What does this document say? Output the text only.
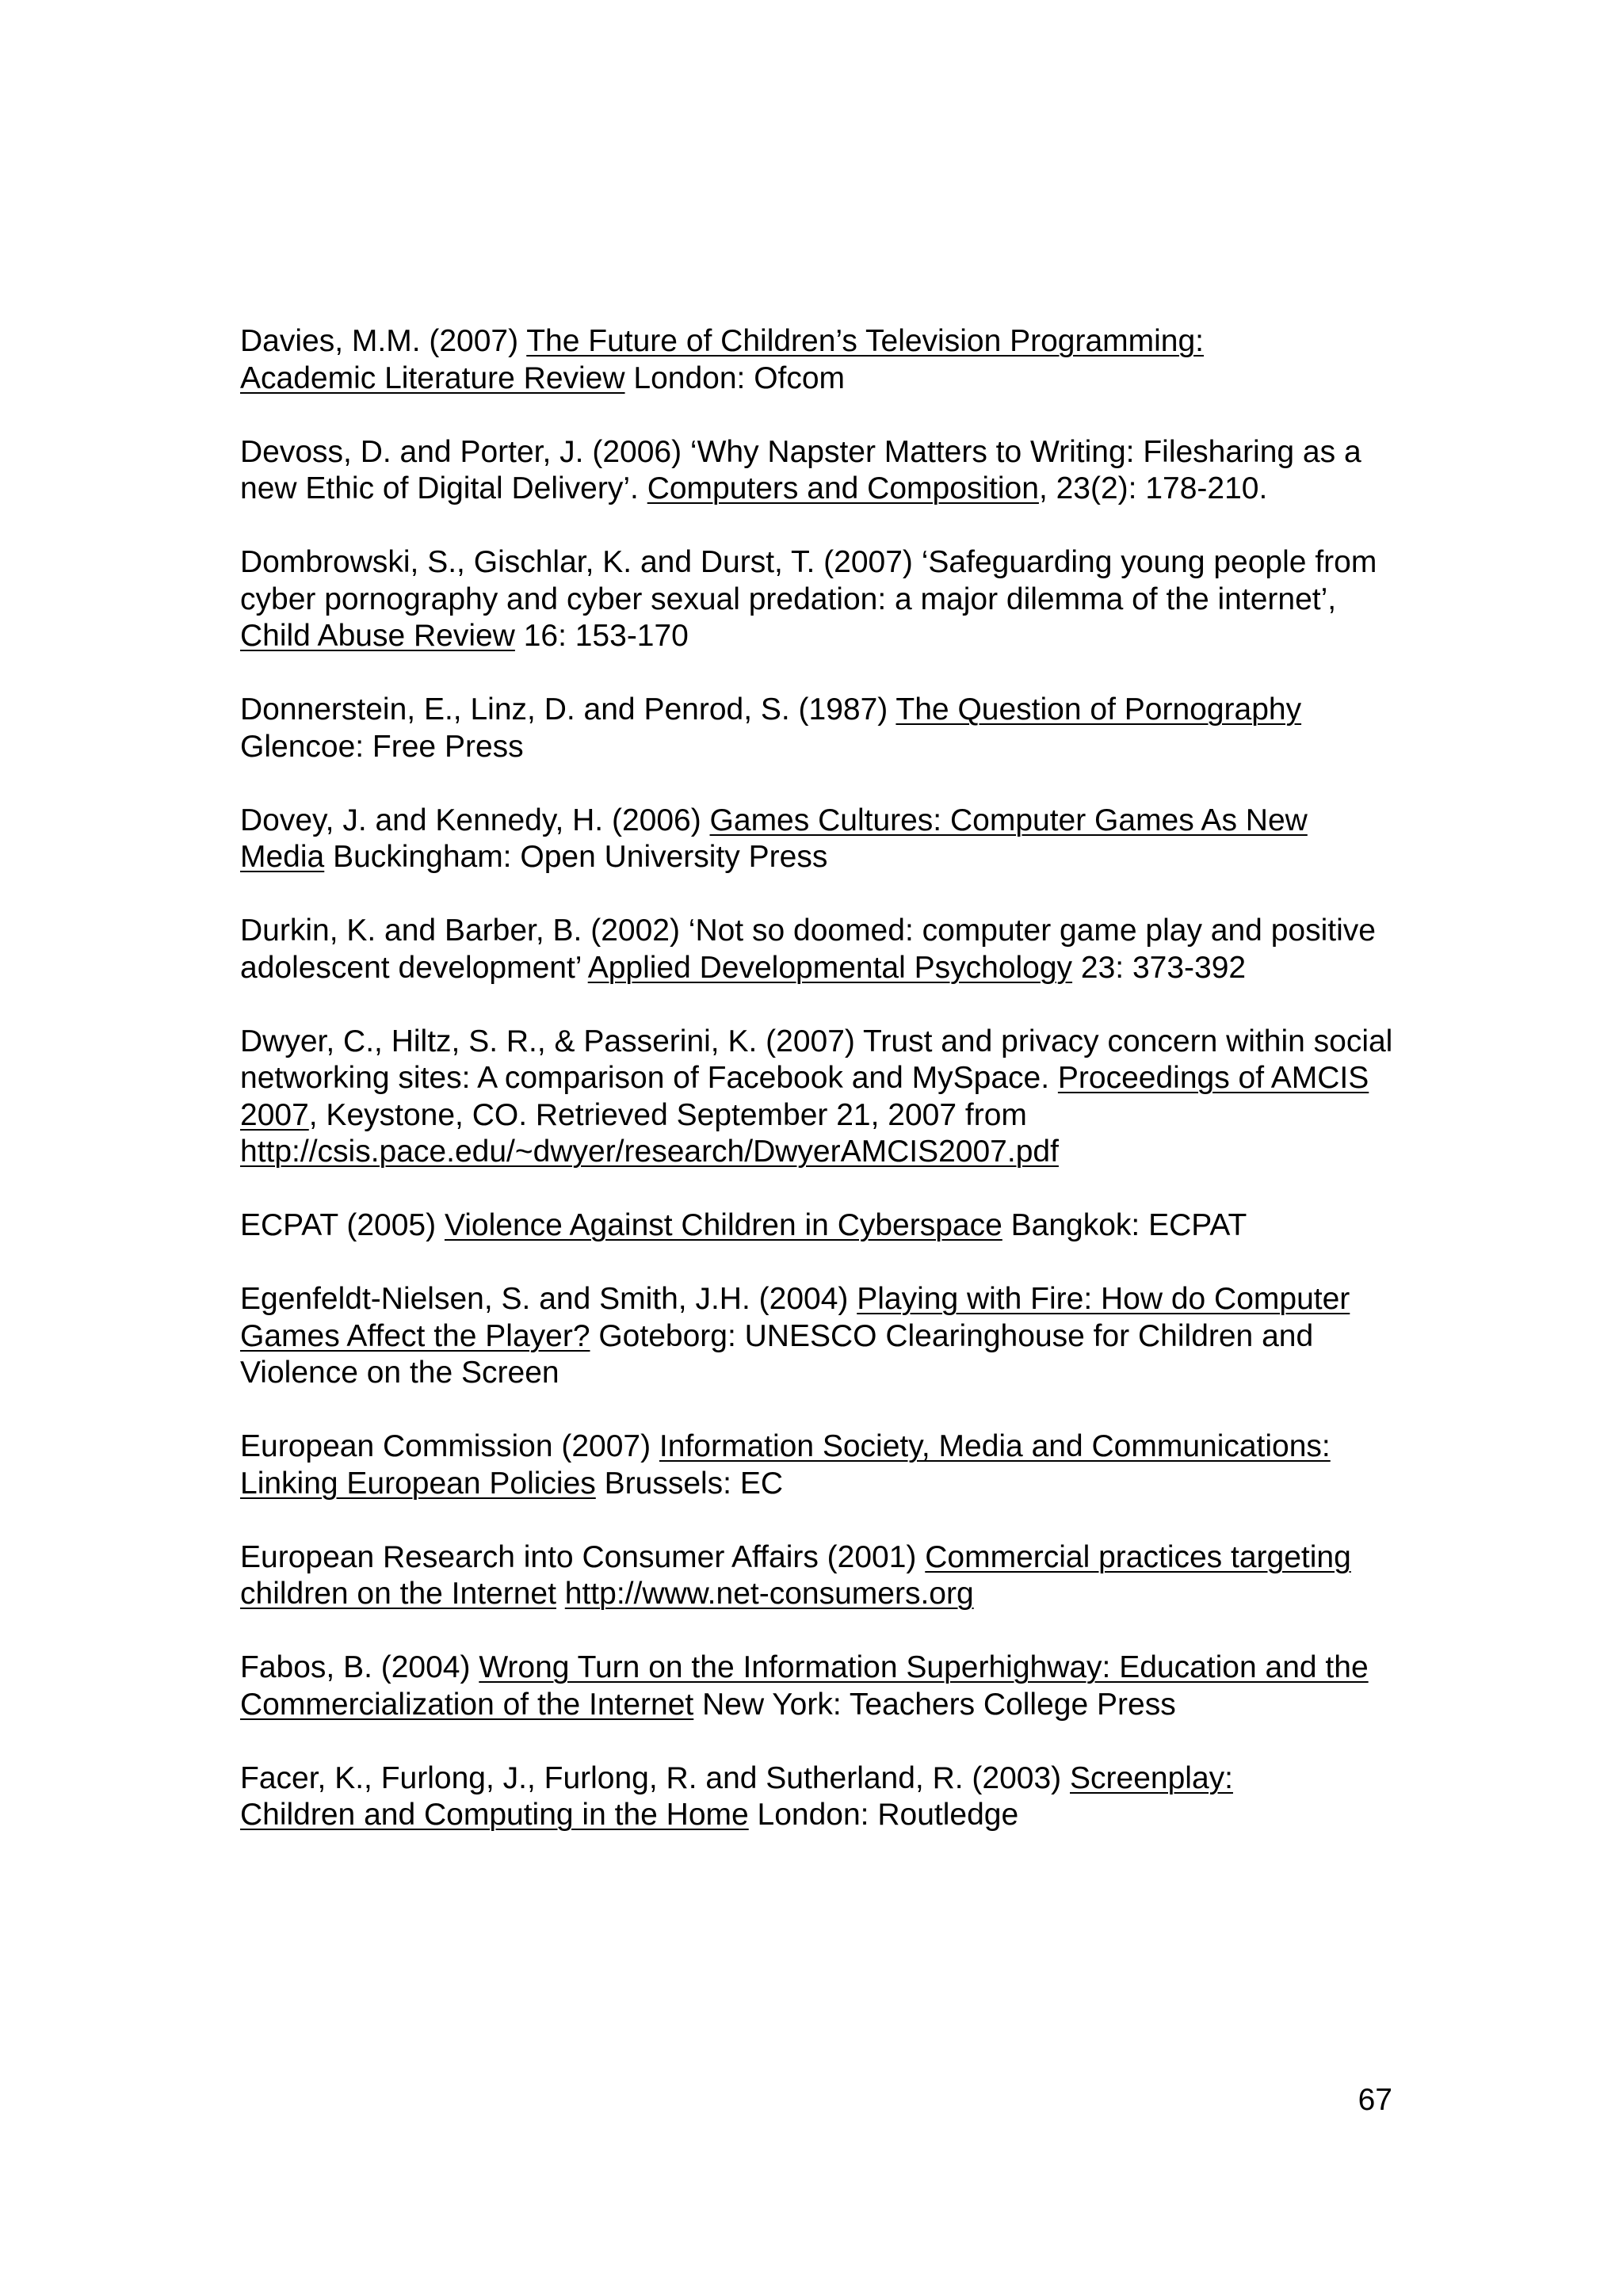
Davies, M.M. (2007) The Future of Children’s Television Programming:
Academic Literature Review London: Ofcom

Devoss, D. and Porter, J. (2006) ‘Why Napster Matters to Writing: Filesharing as a new Ethic of Digital Delivery’. Computers and Composition, 23(2): 178-210.

Dombrowski, S., Gischlar, K. and Durst, T. (2007) ‘Safeguarding young people from cyber pornography and cyber sexual predation: a major dilemma of the internet’, Child Abuse Review 16: 153-170

Donnerstein, E., Linz, D. and Penrod, S. (1987) The Question of Pornography Glencoe: Free Press

Dovey, J. and Kennedy, H. (2006) Games Cultures: Computer Games As New Media Buckingham: Open University Press

Durkin, K. and Barber, B. (2002) ‘Not so doomed: computer game play and positive adolescent development’ Applied Developmental Psychology 23: 373-392

Dwyer, C., Hiltz, S. R., & Passerini, K. (2007) Trust and privacy concern within social networking sites: A comparison of Facebook and MySpace. Proceedings of AMCIS 2007, Keystone, CO. Retrieved September 21, 2007 from http://csis.pace.edu/~dwyer/research/DwyerAMCIS2007.pdf

ECPAT (2005) Violence Against Children in Cyberspace Bangkok: ECPAT

Egenfeldt-Nielsen, S. and Smith, J.H. (2004) Playing with Fire: How do Computer Games Affect the Player? Goteborg: UNESCO Clearinghouse for Children and Violence on the Screen

European Commission (2007) Information Society, Media and Communications:
Linking European Policies Brussels: EC

European Research into Consumer Affairs (2001) Commercial practices targeting children on the Internet http://www.net-consumers.org

Fabos, B. (2004) Wrong Turn on the Information Superhighway: Education and the Commercialization of the Internet New York: Teachers College Press

Facer, K., Furlong, J., Furlong, R. and Sutherland, R. (2003) Screenplay:
Children and Computing in the Home London: Routledge

67
